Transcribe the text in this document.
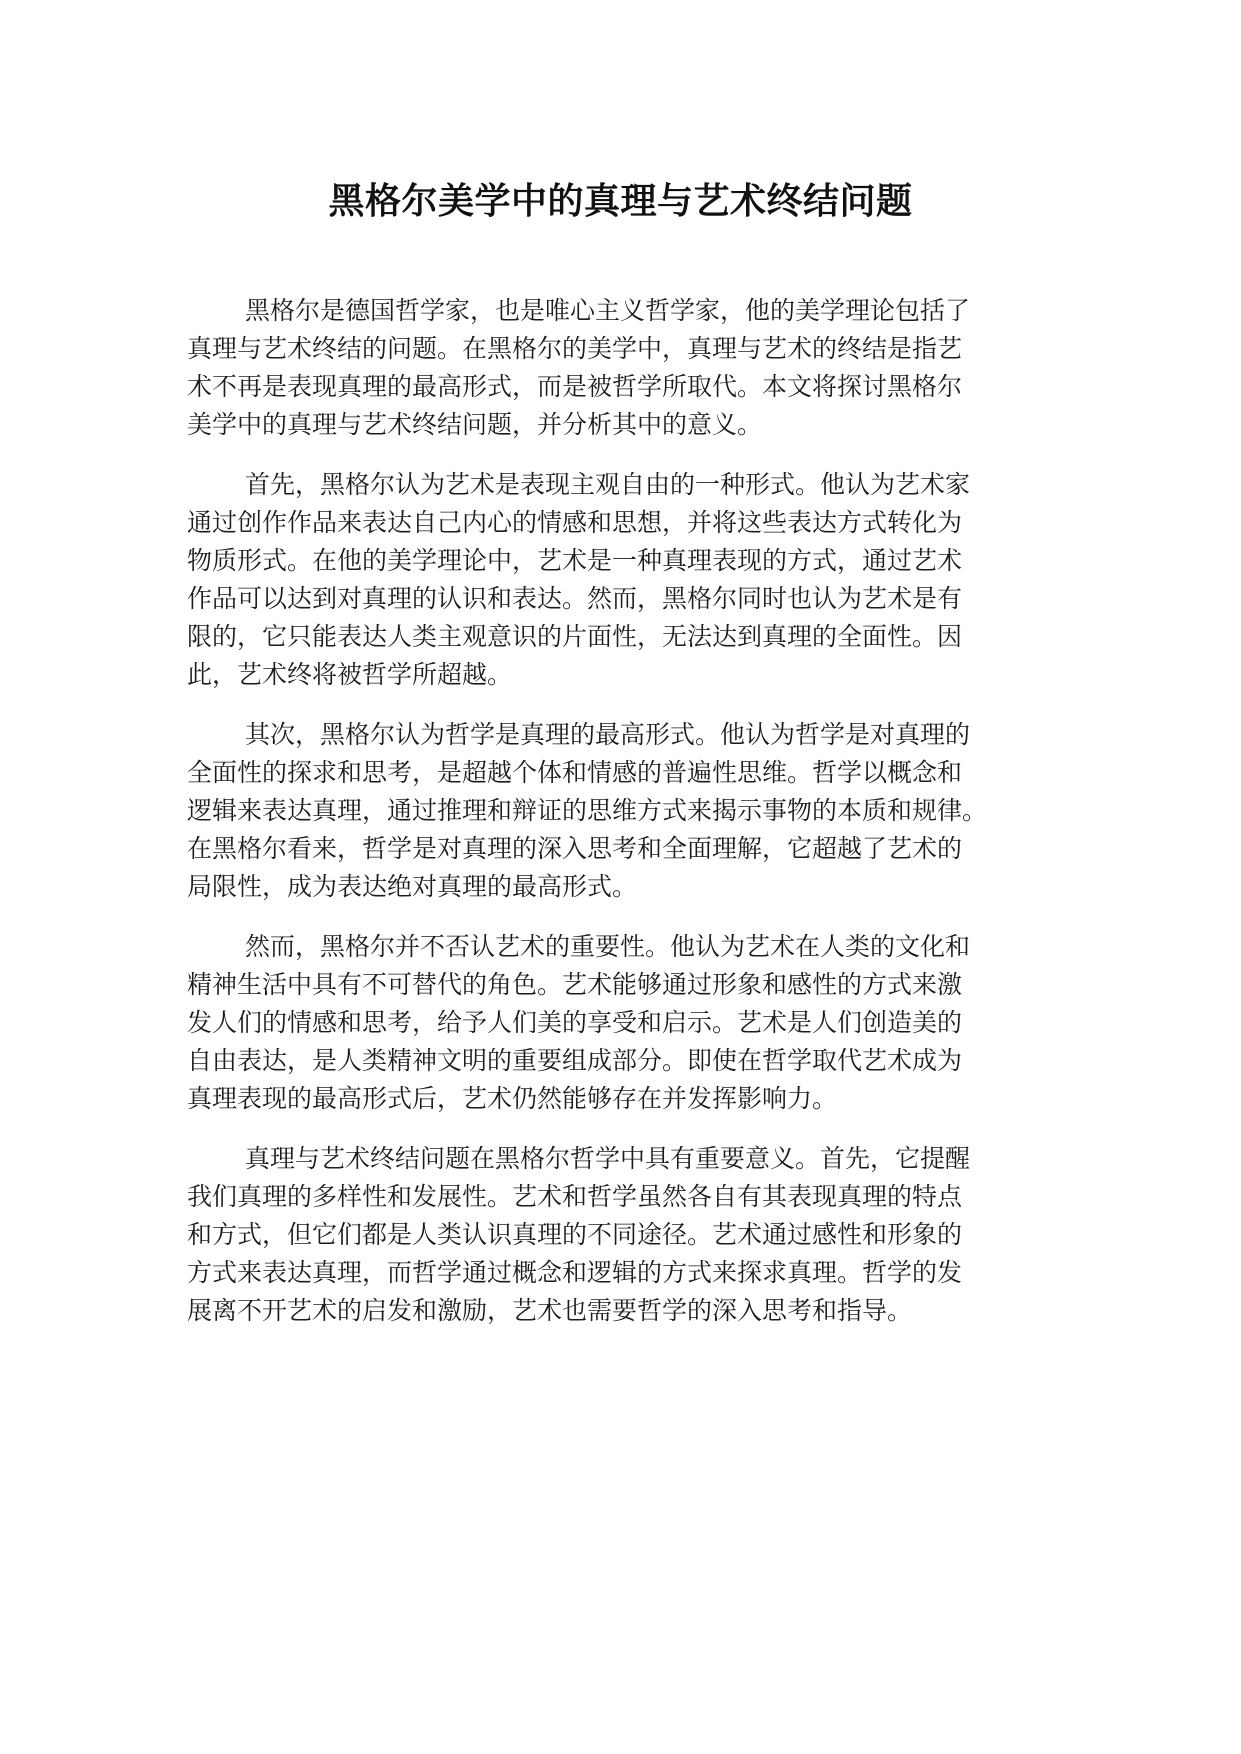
黑格尔美学中的真理与艺术终结问题
黑格尔是德国哲学家，也是唯心主义哲学家，他的美学理论包括了
真理与艺术终结的问题。在黑格尔的美学中，真理与艺术的终结是指艺
术不再是表现真理的最高形式，而是被哲学所取代。本文将探讨黑格尔
美学中的真理与艺术终结问题，并分析其中的意义。
首先，黑格尔认为艺术是表现主观自由的一种形式。他认为艺术家
通过创作作品来表达自己内心的情感和思想，并将这些表达方式转化为
物质形式。在他的美学理论中，艺术是一种真理表现的方式，通过艺术
作品可以达到对真理的认识和表达。然而，黑格尔同时也认为艺术是有
限的，它只能表达人类主观意识的片面性，无法达到真理的全面性。因
此，艺术终将被哲学所超越。
其次，黑格尔认为哲学是真理的最高形式。他认为哲学是对真理的
全面性的探求和思考，是超越个体和情感的普遍性思维。哲学以概念和
逻辑来表达真理，通过推理和辩证的思维方式来揭示事物的本质和规律。
在黑格尔看来，哲学是对真理的深入思考和全面理解，它超越了艺术的
局限性，成为表达绝对真理的最高形式。
然而，黑格尔并不否认艺术的重要性。他认为艺术在人类的文化和
精神生活中具有不可替代的角色。艺术能够通过形象和感性的方式来激
发人们的情感和思考，给予人们美的享受和启示。艺术是人们创造美的
自由表达，是人类精神文明的重要组成部分。即使在哲学取代艺术成为
真理表现的最高形式后，艺术仍然能够存在并发挥影响力。
真理与艺术终结问题在黑格尔哲学中具有重要意义。首先，它提醒
我们真理的多样性和发展性。艺术和哲学虽然各自有其表现真理的特点
和方式，但它们都是人类认识真理的不同途径。艺术通过感性和形象的
方式来表达真理，而哲学通过概念和逻辑的方式来探求真理。哲学的发
展离不开艺术的启发和激励，艺术也需要哲学的深入思考和指导。
